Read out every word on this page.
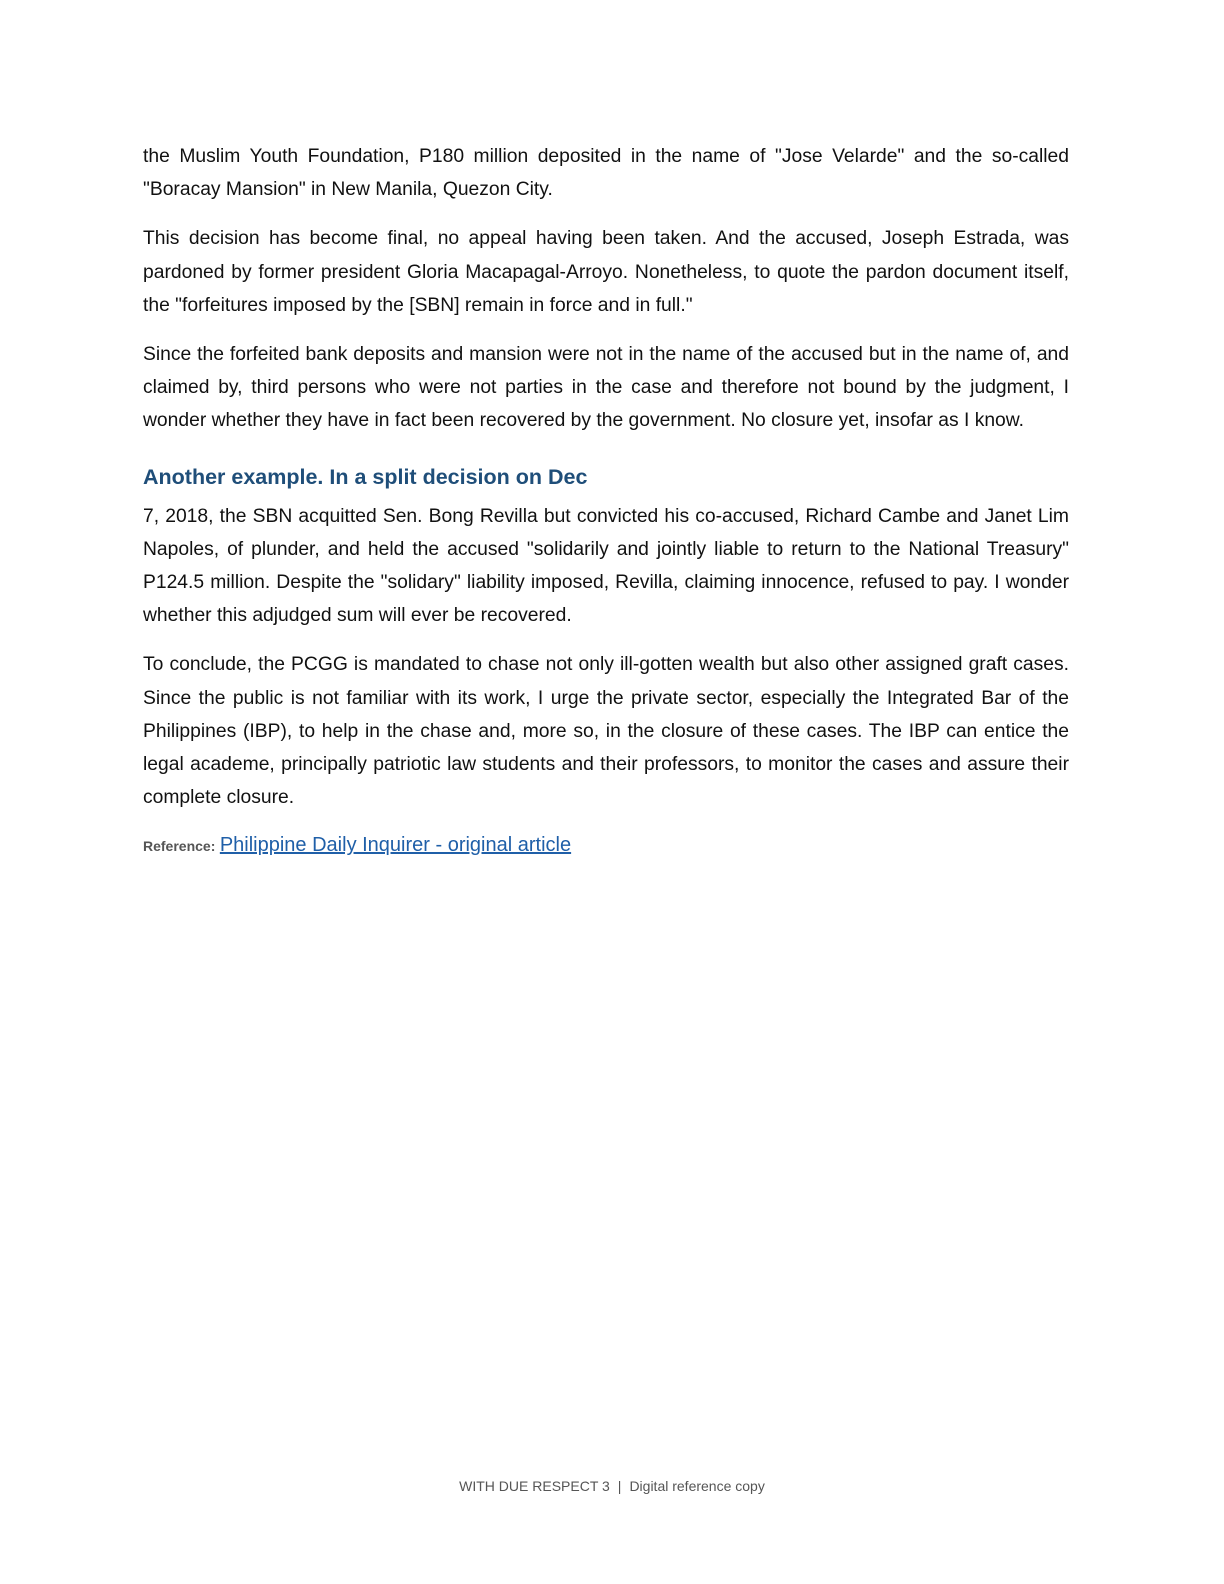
the Muslim Youth Foundation, P180 million deposited in the name of "Jose Velarde" and the so-called "Boracay Mansion" in New Manila, Quezon City.

This decision has become final, no appeal having been taken. And the accused, Joseph Estrada, was pardoned by former president Gloria Macapagal-Arroyo. Nonetheless, to quote the pardon document itself, the "forfeitures imposed by the [SBN] remain in force and in full."

Since the forfeited bank deposits and mansion were not in the name of the accused but in the name of, and claimed by, third persons who were not parties in the case and therefore not bound by the judgment, I wonder whether they have in fact been recovered by the government. No closure yet, insofar as I know.

Another example. In a split decision on Dec

7, 2018, the SBN acquitted Sen. Bong Revilla but convicted his co-accused, Richard Cambe and Janet Lim Napoles, of plunder, and held the accused "solidarily and jointly liable to return to the National Treasury" P124.5 million. Despite the "solidary" liability imposed, Revilla, claiming innocence, refused to pay. I wonder whether this adjudged sum will ever be recovered.

To conclude, the PCGG is mandated to chase not only ill-gotten wealth but also other assigned graft cases. Since the public is not familiar with its work, I urge the private sector, especially the Integrated Bar of the Philippines (IBP), to help in the chase and, more so, in the closure of these cases. The IBP can entice the legal academe, principally patriotic law students and their professors, to monitor the cases and assure their complete closure.

Reference: Philippine Daily Inquirer - original article
WITH DUE RESPECT 3 | Digital reference copy
